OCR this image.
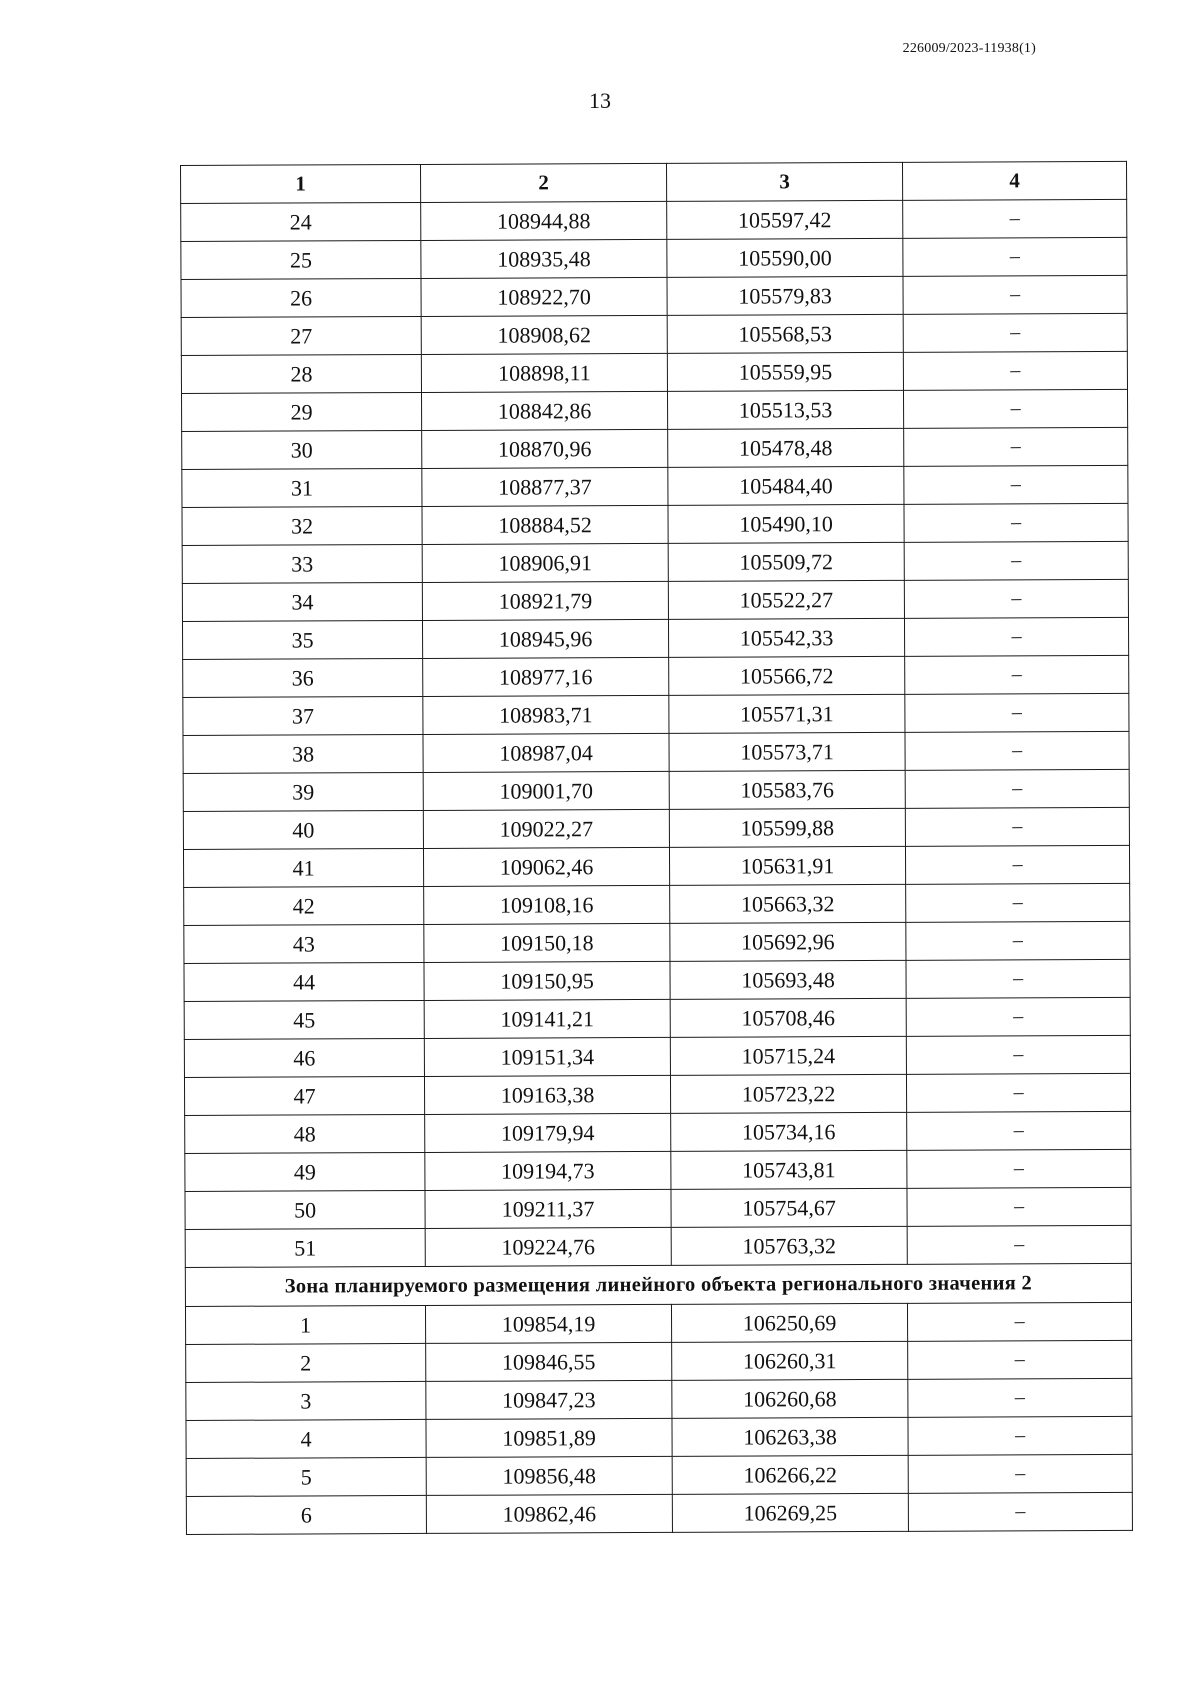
226009/2023-11938(1)
13
1	2	3	4
24	108944,88	105597,42	–
25	108935,48	105590,00	–
26	108922,70	105579,83	–
27	108908,62	105568,53	–
28	108898,11	105559,95	–
29	108842,86	105513,53	–
30	108870,96	105478,48	–
31	108877,37	105484,40	–
32	108884,52	105490,10	–
33	108906,91	105509,72	–
34	108921,79	105522,27	–
35	108945,96	105542,33	–
36	108977,16	105566,72	–
37	108983,71	105571,31	–
38	108987,04	105573,71	–
39	109001,70	105583,76	–
40	109022,27	105599,88	–
41	109062,46	105631,91	–
42	109108,16	105663,32	–
43	109150,18	105692,96	–
44	109150,95	105693,48	–
45	109141,21	105708,46	–
46	109151,34	105715,24	–
47	109163,38	105723,22	–
48	109179,94	105734,16	–
49	109194,73	105743,81	–
50	109211,37	105754,67	–
51	109224,76	105763,32	–
Зона планируемого размещения линейного объекта регионального значения 2			
1	109854,19	106250,69	–
2	109846,55	106260,31	–
3	109847,23	106260,68	–
4	109851,89	106263,38	–
5	109856,48	106266,22	–
6	109862,46	106269,25	–
